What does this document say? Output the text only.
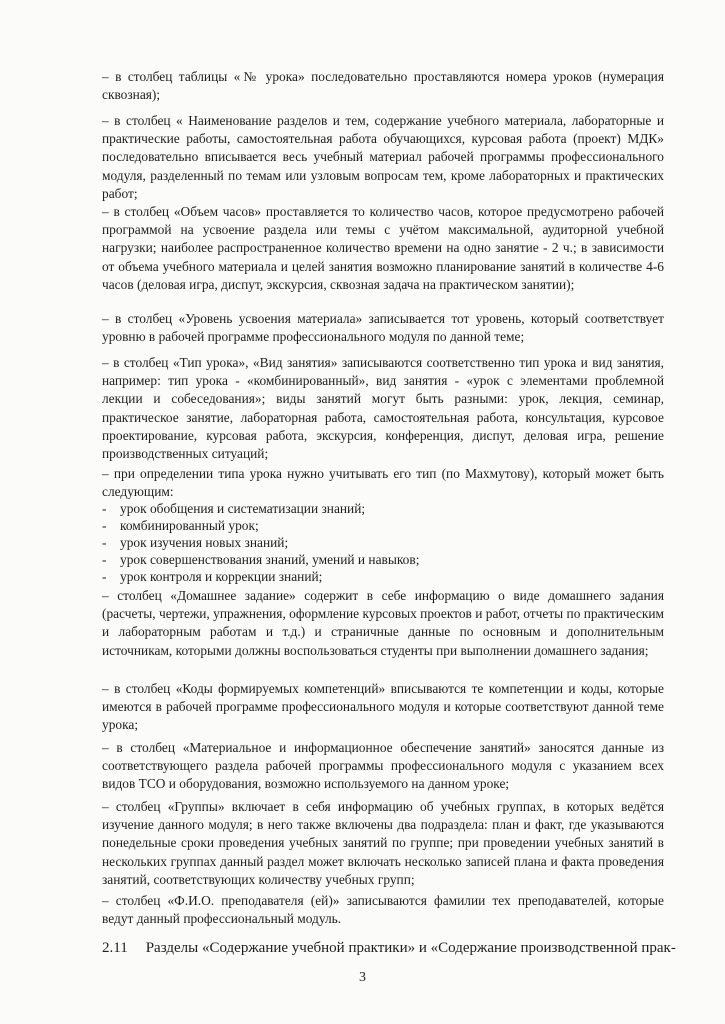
– в столбец таблицы «№ урока» последовательно проставляются номера уроков (нумерация сквозная);

– в столбец « Наименование разделов и тем, содержание учебного материала, лабораторные и практические работы, самостоятельная работа обучающихся, курсовая работа (проект) МДК» последовательно вписывается весь учебный материал рабочей программы профессионального модуля, разделенный по темам или узловым вопросам тем, кроме лабораторных и практических работ;

– в столбец «Объем часов» проставляется то количество часов, которое предусмотрено рабочей программой на усвоение раздела или темы с учётом максимальной, аудиторной учебной нагрузки; наиболее распространенное количество времени на одно занятие - 2 ч.; в зависимости от объема учебного материала и целей занятия возможно планирование занятий в количестве 4-6 часов (деловая игра, диспут, экскурсия, сквозная задача на практическом занятии);

– в столбец «Уровень усвоения материала» записывается тот уровень, который соответствует уровню в рабочей программе профессионального модуля по данной теме;

– в столбец «Тип урока», «Вид занятия» записываются соответственно тип урока и вид занятия, например: тип урока - «комбинированный», вид занятия - «урок с элементами проблемной лекции и собеседования»; виды занятий могут быть разными: урок, лекция, семинар, практическое занятие, лабораторная работа, самостоятельная работа, консультация, курсовое проектирование, курсовая работа, экскурсия, конференция, диспут, деловая игра, решение производственных ситуаций;

– при определении типа урока нужно учитывать его тип (по Махмутову), который может быть следующим:

- урок обобщения и систематизации знаний;
- комбинированный урок;
- урок изучения новых знаний;
- урок совершенствования знаний, умений и навыков;
- урок контроля и коррекции знаний;

– столбец «Домашнее задание» содержит в себе информацию о виде домашнего задания (расчеты, чертежи, упражнения, оформление курсовых проектов и работ, отчеты по практическим и лабораторным работам и т.д.) и страничные данные по основным и дополнительным источникам, которыми должны воспользоваться студенты при выполнении домашнего задания;

– в столбец «Коды формируемых компетенций» вписываются те компетенции и коды, которые имеются в рабочей программе профессионального модуля и которые соответствуют данной теме урока;

– в столбец «Материальное и информационное обеспечение занятий» заносятся данные из соответствующего раздела рабочей программы профессионального модуля с указанием всех видов ТСО и оборудования, возможно используемого на данном уроке;

– столбец «Группы» включает в себя информацию об учебных группах, в которых ведётся изучение данного модуля; в него также включены два подраздела: план и факт, где указываются понедельные сроки проведения учебных занятий по группе; при проведении учебных занятий в нескольких группах данный раздел может включать несколько записей плана и факта проведения занятий, соответствующих количеству учебных групп;

– столбец «Ф.И.О. преподавателя (ей)» записываются фамилии тех преподавателей, которые ведут данный профессиональный модуль.

2.11 Разделы «Содержание учебной практики» и «Содержание производственной прак-
3
